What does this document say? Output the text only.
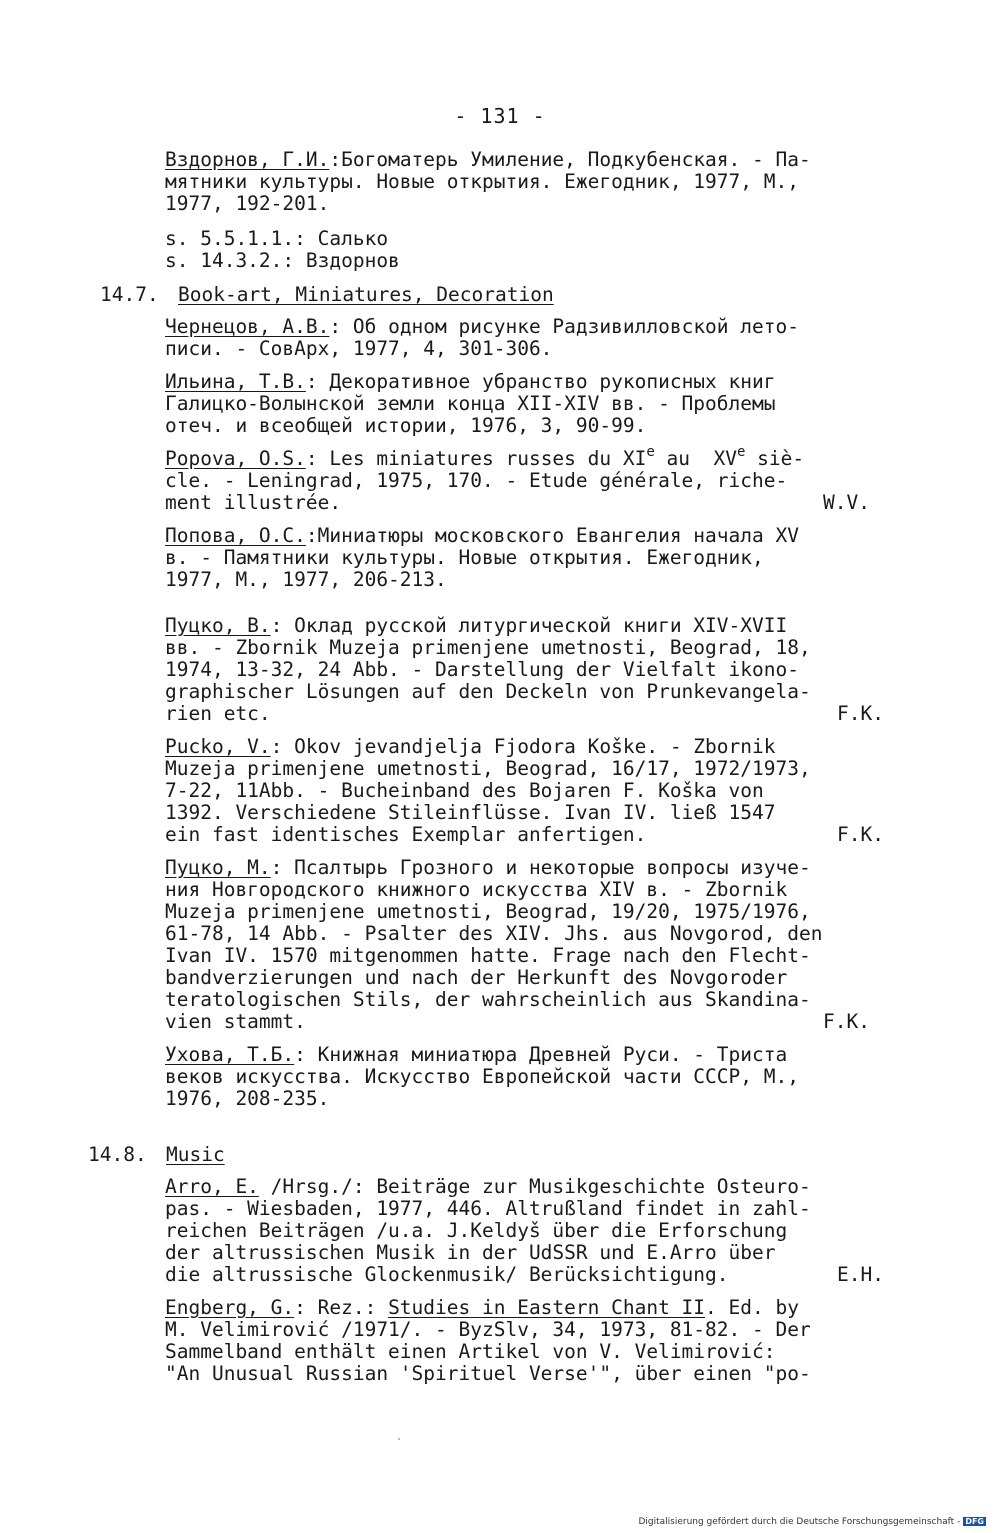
- 131 -
Вздорнов, Г.И.:Богоматерь Умиление, Подкубенская. - Па-
мятники культуры. Новые открытия. Ежегодник, 1977, М.,
1977, 192-201.
s. 5.5.1.1.: Салько
s. 14.3.2.: Вздорнов
14.7. Book-art, Miniatures, Decoration
Чернецов, А.В.: Об одном рисунке Радзивилловской лето-
писи. - СовАрх, 1977, 4, 301-306.
Ильина, Т.В.: Декоративное убранство рукописных книг
Галицко-Волынской земли конца XII-XIV вв. - Проблемы
отеч. и всеобщей истории, 1976, 3, 90-99.
Popova, O.S.: Les miniatures russes du XIe au  XVe siè-
cle. - Leningrad, 1975, 170. - Etude générale, riche-
ment illustrée.	W.V.
Попова, О.С.:Миниатюры московского Евангелия начала XV
в. - Памятники культуры. Новые открытия. Ежегодник,
1977, М., 1977, 206-213.
Пуцко, В.: Оклад русской литургической книги XIV-XVII
вв. - Zbornik Muzeja primenjene umetnosti, Beograd, 18,
1974, 13-32, 24 Abb. - Darstellung der Vielfalt ikono-
graphischer Lösungen auf den Deckeln von Prunkevangela-
rien etc.	F.K.
Pucko, V.: Okov jevandjelja Fjodora Koške. - Zbornik
Muzeja primenjene umetnosti, Beograd, 16/17, 1972/1973,
7-22, 11Abb. - Bucheinband des Bojaren F. Koška von
1392. Verschiedene Stileinflüsse. Ivan IV. ließ 1547
ein fast identisches Exemplar anfertigen.	F.K.
Пуцко, М.: Псалтырь Грозного и некоторые вопросы изуче-
ния Новгородского книжного искусства XIV в. - Zbornik
Muzeja primenjene umetnosti, Beograd, 19/20, 1975/1976,
61-78, 14 Abb. - Psalter des XIV. Jhs. aus Novgorod, den
Ivan IV. 1570 mitgenommen hatte. Frage nach den Flecht-
bandverzierungen und nach der Herkunft des Novgoroder
teratologischen Stils, der wahrscheinlich aus Skandina-
vien stammt.	F.K.
Ухова, Т.Б.: Книжная миниатюра Древней Руси. - Триста
веков искусства. Искусство Европейской части СССР, М.,
1976, 208-235.
14.8. Music
Arro, E. /Hrsg./: Beiträge zur Musikgeschichte Osteuro-
pas. - Wiesbaden, 1977, 446. Altrußland findet in zahl-
reichen Beiträgen /u.a. J.Keldyš über die Erforschung
der altrussischen Musik in der UdSSR und E.Arro über
die altrussische Glockenmusik/ Berücksichtigung.	E.H.
Engberg, G.: Rez.: Studies in Eastern Chant II. Ed. by
M. Velimirović /1971/. - ByzSlv, 34, 1973, 81-82. - Der
Sammelband enthält einen Artikel von V. Velimirović:
"An Unusual Russian 'Spirituel Verse'", über einen "po-
Digitalisierung gefördert durch die Deutsche Forschungsgemeinschaft - DFG
